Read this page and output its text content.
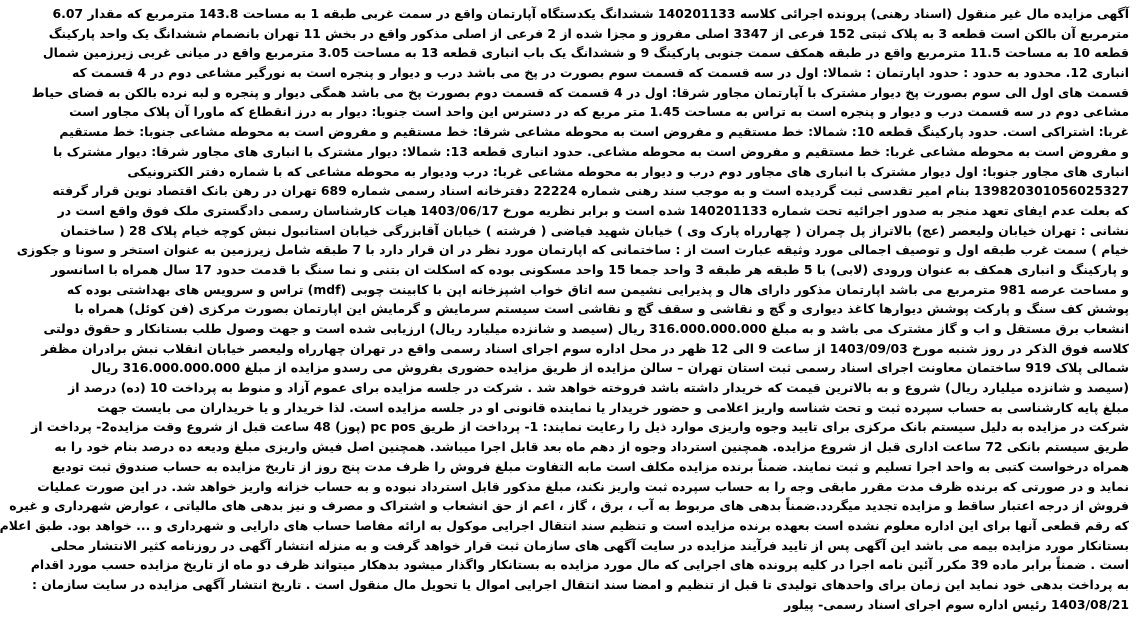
آگهی مزایده مال غیر منقول (اسناد رهنی) پرونده اجرائی کلاسه 140201133 ششدانگ یکدستگاه آپارتمان واقع در سمت غربی طبقه 1 به مساحت 143.8 مترمربع که مقدار 6.07
مترمربع آن بالکن است قطعه 3 به پلاک ثبتی 152 فرعی از 3347 اصلی مفروز و مجزا شده از 2 فرعی از اصلی مذکور واقع در بخش 11 تهران بانضمام ششدانگ یک واحد پارکینگ
قطعه 10 به مساحت 11.5 مترمربع واقع در طبقه همکف سمت جنوبی پارکینگ 9 و ششدانگ یک باب انباری قطعه 13 به مساحت 3.05 مترمربع واقع در میانی غربی زیرزمین شمال
انباری 12. محدود به حدود : حدود اپارتمان : شمالا: اول در سه قسمت که قسمت سوم بصورت در پخ می باشد درب و دیوار و پنجره است به نورگیر مشاعی دوم در 4 قسمت که
قسمت های اول الی سوم بصورت پخ دیوار مشترک با آپارتمان مجاور شرقا: اول در 4 قسمت که قسمت دوم بصورت پخ می باشد همگی دیوار و پنجره و لبه نرده بالکن به فضای حیاط
مشاعی دوم در سه قسمت درب و دیوار و پنجره است به تراس به مساحت 1.45 متر مربع که در دسترس این واحد است جنوبا: دیوار به درز انقطاع که ماورا آن پلاک مجاور است
غربا: اشتراکی است. حدود پارکینگ قطعه 10: شمالا: خط مستقیم و مفروض است به محوطه مشاعی شرقا: خط مستقیم و مفروض است به محوطه مشاعی جنوبا: خط مستقیم
و مفروض است به محوطه مشاعی غربا: خط مستقیم و مفروض است به محوطه مشاعی. حدود انباری قطعه 13: شمالا: دیوار مشترک با انباری های مجاور شرقا: دیوار مشترک با
انباری های مجاور جنوبا: اول دیوار مشترک با انباری های مجاور دوم درب و دیوار به محوطه مشاعی غربا: درب ودیوار به محوطه مشاعی که با شماره دفتر الکترونیکی
139820301056025327 بنام امیر تقدسی ثبت گردیده است و به موجب سند رهنی شماره 22224 دفترخانه اسناد رسمی شماره 689 تهران در رهن بانک اقتصاد نوین قرار گرفته
که بعلت عدم ایفای تعهد منجر به صدور اجرائیه تحت شماره 140201133 شده است و برابر نظریه مورخ 1403/06/17 هیات کارشناسان رسمی دادگستری ملک فوق واقع است در
نشانی : تهران خیابان ولیعصر (عج) بالاتراز پل چمران ( چهارراه پارک وی ) خیابان شهید فیاضی ( فرشته ) خیابان آقابزرگی خیابان استانبول نبش کوچه خیام پلاک 28 ( ساختمان
خیام ) سمت غرب طبقه اول و توصیف اجمالی مورد وثیقه عبارت است از : ساختمانی که اپارتمان مورد نظر در ان قرار دارد با 7 طبقه شامل زیرزمین به عنوان استخر و سونا و جکوزی
و پارکینگ و انباری همکف به عنوان ورودی (لابی) با 5 طبقه هر طبقه 3 واحد جمعا 15 واحد مسکونی بوده که اسکلت ان بتنی و نما سنگ با قدمت حدود 17 سال همراه با اسانسور
و مساحت عرصه 981 مترمربع می باشد اپارتمان مذکور دارای هال و پذیرایی نشیمن سه اتاق خواب اشپزخانه اپن با کابینت چوبی (mdf) تراس و سرویس های بهداشتی بوده که
پوشش کف سنگ و پارکت پوشش دیوارها کاغذ دیواری و گچ و نقاشی و سقف گچ و نقاشی است سیستم سرمایش و گرمایش این اپارتمان بصورت مرکزی (فن کوئل) همراه با
انشعاب برق مستقل و اب و گاز مشترک می باشد و به مبلغ 316.000.000.000 ریال (سیصد و شانزده میلیارد ریال) ارزیابی شده است و جهت وصول طلب بستانکار و حقوق دولتی
کلاسه فوق الذکر در روز شنبه مورخ 1403/09/03 از ساعت 9 الی 12 ظهر در محل اداره سوم اجرای اسناد رسمی واقع در تهران چهارراه ولیعصر خیابان انقلاب نبش برادران مظفر
شمالی پلاک 919 ساختمان معاونت اجرای اسناد رسمی ثبت استان تهران – سالن مزایده از طریق مزایده حضوری بفروش می رسدو مزایده از مبلغ 316.000.000.000 ریال
(سیصد و شانزده میلیارد ریال) شروع و به بالاترین قیمت که خریدار داشته باشد فروخته خواهد شد . شرکت در جلسه مزایده برای عموم آزاد و منوط به پرداخت 10 (ده) درصد از
مبلغ پایه کارشناسی به حساب سپرده ثبت و تحت شناسه واریز اعلامی و حضور خریدار یا نماینده قانونی او در جلسه مزایده است. لذا خریدار و یا خریداران می بایست جهت
شرکت در مزایده به دلیل سیستم بانک مرکزی برای تایید وجوه واریزی موارد ذیل را رعایت نمایند: 1- پرداخت از طریق pc pos (پوز) 48 ساعت قبل از شروع وقت مزایده2- پرداخت از
طریق سیستم بانکی 72 ساعت اداری قبل از شروع مزایده. همچنین استرداد وجوه از دهم ماه بعد قابل اجرا میباشد. همچنین اصل فیش واریزی مبلغ ودیعه ده درصد بنام خود را به
همراه درخواست کتبی به واحد اجرا تسلیم و ثبت نمایند. ضمناً برنده مزایده مکلف است مابه التفاوت مبلغ فروش را ظرف مدت پنج روز از تاریخ مزایده به حساب صندوق ثبت تودیع
نماید و در صورتی که برنده ظرف مدت مقرر مابقی وجه را به حساب سپرده ثبت واریز نکند، مبلغ مذکور قابل استرداد نبوده و به حساب خزانه واریز خواهد شد. در این صورت عملیات
فروش از درجه اعتبار ساقط و مزایده تجدید میگردد.ضمناً بدهی های مربوط به آب ، برق ، گاز ، اعم از حق انشعاب و اشتراک و مصرف و نیز بدهی های مالیاتی ، عوارض شهرداری و غیره
که رقم قطعی آنها برای این اداره معلوم نشده است بعهده برنده مزایده است و تنظیم سند انتقال اجرایی موکول به ارائه مفاصا حساب های دارایی و شهرداری و ... خواهد بود. طبق اعلام
بستانکار مورد مزایده بیمه می باشد این آگهی پس از تایید فرآیند مزایده در سایت آگهی های سازمان ثبت قرار خواهد گرفت و به منزله انتشار آگهی در روزنامه کثیر الانتشار محلی
است . ضمناً برابر ماده 39 مکرر آئین نامه اجرا در کلیه پرونده های اجرایی که مال مورد مزایده به بستانکار واگذار میشود بدهکار میتواند ظرف دو ماه از تاریخ مزایده حسب مورد اقدام
به پرداخت بدهی خود نماید این زمان برای واحدهای تولیدی تا قبل از تنظیم و امضا سند انتقال اجرایی اموال یا تحویل مال منقول است . تاریخ انتشار آگهی مزایده در سایت سازمان :
1403/08/21 رئیس اداره سوم اجرای اسناد رسمی- پیلور
